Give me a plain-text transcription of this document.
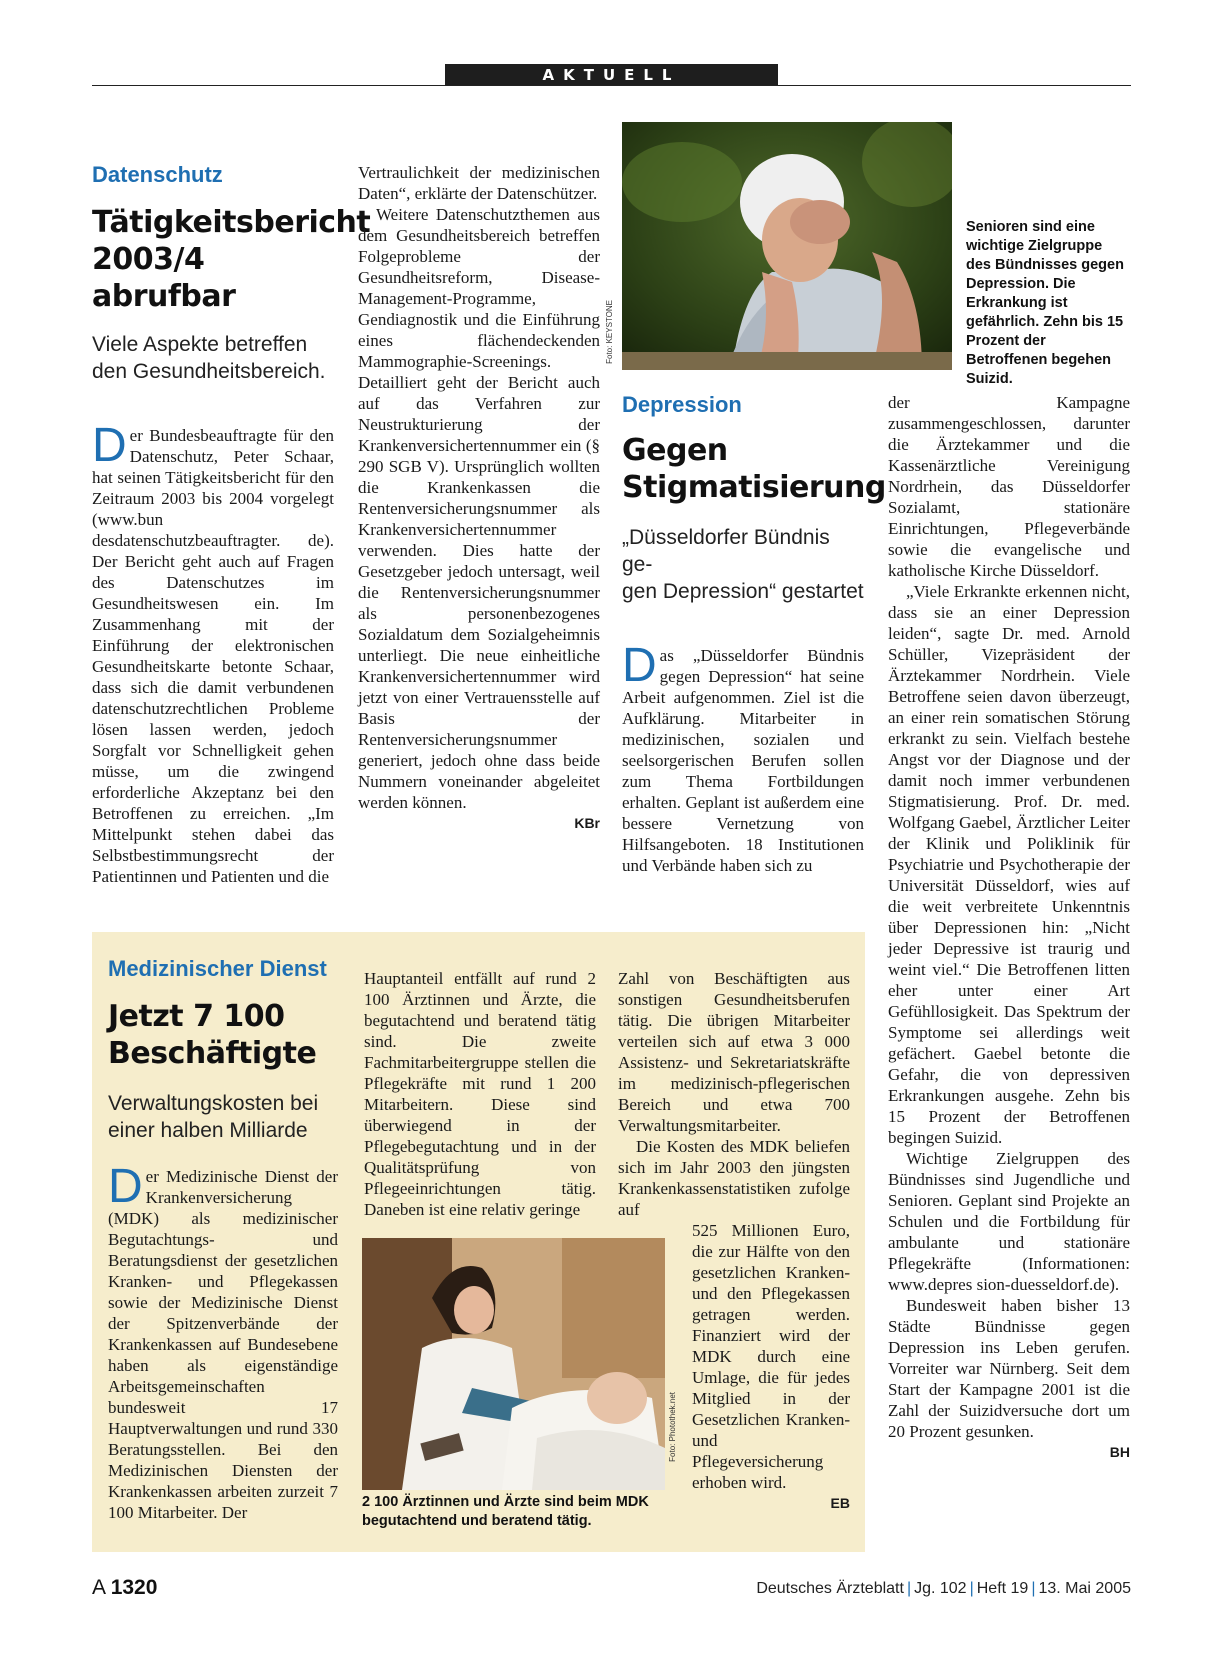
AKTUELL
Datenschutz
Tätigkeitsbericht
2003/4 abrufbar
Viele Aspekte betreffen
den Gesundheitsbereich.
D er Bundesbeauftragte für den Datenschutz, Peter Schaar, hat seinen Tätigkeitsbericht für den Zeitraum 2003 bis 2004 vorgelegt (www.bun desdatenschutzbeauftragter. de). Der Bericht geht auch auf Fragen des Datenschutzes im Gesundheitswesen ein. Im Zusammenhang mit der Einführung der elektronischen Gesundheitskarte betonte Schaar, dass sich die damit verbundenen datenschutzrechtlichen Probleme lösen lassen werden, jedoch Sorgfalt vor Schnelligkeit gehen müsse, um die zwingend erforderliche Akzeptanz bei den Betroffenen zu erreichen. „Im Mittelpunkt stehen dabei das Selbstbestimmungsrecht der Patientinnen und Patienten und die

Vertraulichkeit der medizinischen Daten“, erklärte der Datenschützer.

Weitere Datenschutzthemen aus dem Gesundheitsbereich betreffen Folgeprobleme der Gesundheitsreform, Disease-Management-Programme, Gendiagnostik und die Einführung eines flächendeckenden Mammographie-Screenings. Detailliert geht der Bericht auch auf das Verfahren zur Neustrukturierung der Krankenversichertennummer ein (§ 290 SGB V). Ursprünglich wollten die Krankenkassen die Rentenversicherungsnummer als Krankenversichertennummer verwenden. Dies hatte der Gesetzgeber jedoch untersagt, weil die Rentenversicherungsnummer als personenbezogenes Sozialdatum dem Sozialgeheimnis unterliegt. Die neue einheitliche Krankenversichertennummer wird jetzt von einer Vertrauensstelle auf Basis der Rentenversicherungsnummer generiert, jedoch ohne dass beide Nummern voneinander abgeleitet werden können.

KBr
Foto: KEYSTONE
Senioren sind eine wichtige Zielgruppe des Bündnisses gegen Depression. Die Erkrankung ist gefährlich. Zehn bis 15 Prozent der Betroffenen begehen Suizid.
Depression
Gegen
Stigmatisierung
„Düsseldorfer Bündnis ge-
gen Depression“ gestartet
D as „Düsseldorfer Bündnis gegen Depression“ hat seine Arbeit aufgenommen. Ziel ist die Aufklärung. Mitarbeiter in medizinischen, sozialen und seelsorgerischen Berufen sollen zum Thema Fortbildungen erhalten. Geplant ist außerdem eine bessere Vernetzung von Hilfsangeboten. 18 Institutionen und Verbände haben sich zu

der Kampagne zusammengeschlossen, darunter die Ärztekammer und die Kassenärztliche Vereinigung Nordrhein, das Düsseldorfer Sozialamt, stationäre Einrichtungen, Pflegeverbände sowie die evangelische und katholische Kirche Düsseldorf.

„Viele Erkrankte erkennen nicht, dass sie an einer Depression leiden“, sagte Dr. med. Arnold Schüller, Vizepräsident der Ärztekammer Nordrhein. Viele Betroffene seien davon überzeugt, an einer rein somatischen Störung erkrankt zu sein. Vielfach bestehe Angst vor der Diagnose und der damit noch immer verbundenen Stigmatisierung. Prof. Dr. med. Wolfgang Gaebel, Ärztlicher Leiter der Klinik und Poliklinik für Psychiatrie und Psychotherapie der Universität Düsseldorf, wies auf die weit verbreitete Unkenntnis über Depressionen hin: „Nicht jeder Depressive ist traurig und weint viel.“ Die Betroffenen litten eher unter einer Art Gefühllosigkeit. Das Spektrum der Symptome sei allerdings weit gefächert. Gaebel betonte die Gefahr, die von depressiven Erkrankungen ausgehe. Zehn bis 15 Prozent der Betroffenen begingen Suizid.

Wichtige Zielgruppen des Bündnisses sind Jugendliche und Senioren. Geplant sind Projekte an Schulen und die Fortbildung für ambulante und stationäre Pflegekräfte (Informationen: www.depres sion-duesseldorf.de).

Bundesweit haben bisher 13 Städte Bündnisse gegen Depression ins Leben gerufen. Vorreiter war Nürnberg. Seit dem Start der Kampagne 2001 ist die Zahl der Suizidversuche dort um 20 Prozent gesunken.

BH
Medizinischer Dienst
Jetzt 7 100
Beschäftigte
Verwaltungskosten bei
einer halben Milliarde
D er Medizinische Dienst der Krankenversicherung (MDK) als medizinischer Begutachtungs- und Beratungsdienst der gesetzlichen Kranken- und Pflegekassen sowie der Medizinische Dienst der Spitzenverbände der Krankenkassen auf Bundesebene haben als eigenständige Arbeitsgemeinschaften bundesweit 17 Hauptverwaltungen und rund 330 Beratungsstellen. Bei den Medizinischen Diensten der Krankenkassen arbeiten zurzeit 7 100 Mitarbeiter. Der

Hauptanteil entfällt auf rund 2 100 Ärztinnen und Ärzte, die begutachtend und beratend tätig sind. Die zweite Fachmitarbeitergruppe stellen die Pflegekräfte mit rund 1 200 Mitarbeitern. Diese sind überwiegend in der Pflegebegutachtung und in der Qualitätsprüfung von Pflegeeinrichtungen tätig. Daneben ist eine relativ geringe

Zahl von Beschäftigten aus sonstigen Gesundheitsberufen tätig. Die übrigen Mitarbeiter verteilen sich auf etwa 3 000 Assistenz- und Sekretariatskräfte im medizinisch-pflegerischen Bereich und etwa 700 Verwaltungsmitarbeiter.

Die Kosten des MDK beliefen sich im Jahr 2003 den jüngsten Krankenkassenstatistiken zufolge auf

525 Millionen Euro, die zur Hälfte von den gesetzlichen Kranken- und den Pflegekassen getragen werden. Finanziert wird der MDK durch eine Umlage, die für jedes Mitglied in der Gesetzlichen Kranken- und Pflegeversicherung erhoben wird.

EB
Foto: Photothek.net
2 100 Ärztinnen und Ärzte sind beim MDK
begutachtend und beratend tätig.
A 1320	Deutsches Ärzteblatt | Jg. 102 | Heft 19 | 13. Mai 2005
